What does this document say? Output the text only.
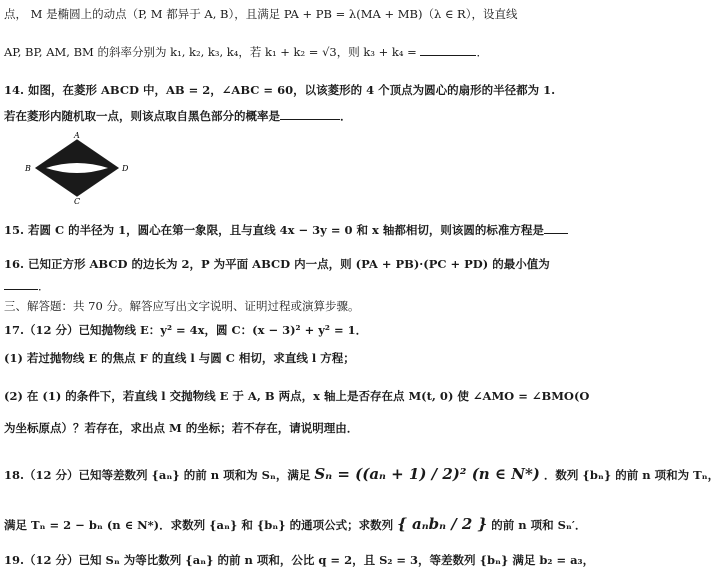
点， M 是椭圆上的动点（P, M 都异于 A, B），且满足 PA + PB = λ(MA + MB)（λ ∈ R），设直线
AP, BP, AM, BM 的斜率分别为 k₁, k₂, k₃, k₄，若 k₁ + k₂ = √3，则 k₃ + k₄ =	．
14. 如图，在菱形 ABCD 中，AB = 2，∠ABC = 60，以该菱形的 4 个顶点为圆心的扇形的半径都为 1.
若在菱形内随机取一点，则该点取自黑色部分的概率是	．
A
B
C
D
15. 若圆 C 的半径为 1，圆心在第一象限，且与直线 4x − 3y = 0 和 x 轴都相切，则该圆的标准方程是
16. 已知正方形 ABCD 的边长为 2，P 为平面 ABCD 内一点，则 (PA + PB)·(PC + PD) 的最小值为
．
三、解答题：共 70 分。解答应写出文字说明、证明过程或演算步骤。
17.（12 分）已知抛物线 E：y² = 4x，圆 C：(x − 3)² + y² = 1．
(1) 若过抛物线 E 的焦点 F 的直线 l 与圆 C 相切，求直线 l 方程；
(2) 在 (1) 的条件下，若直线 l 交抛物线 E 于 A, B 两点，x 轴上是否存在点 M(t, 0) 使 ∠AMO = ∠BMO(O
为坐标原点）？若存在，求出点 M 的坐标；若不存在，请说明理由．
18.（12 分）已知等差数列 {aₙ} 的前 n 项和为 Sₙ，满足 Sₙ = ((aₙ + 1) / 2)² (n ∈ N*) ．数列 {bₙ} 的前 n 项和为 Tₙ，
满足 Tₙ = 2 − bₙ (n ∈ N*)．求数列 {aₙ} 和 {bₙ} 的通项公式；求数列 { aₙbₙ / 2 } 的前 n 项和 Sₙ′．
19.（12 分）已知 Sₙ 为等比数列 {aₙ} 的前 n 项和，公比 q = 2，且 S₂ = 3，等差数列 {bₙ} 满足 b₂ = a₃，
